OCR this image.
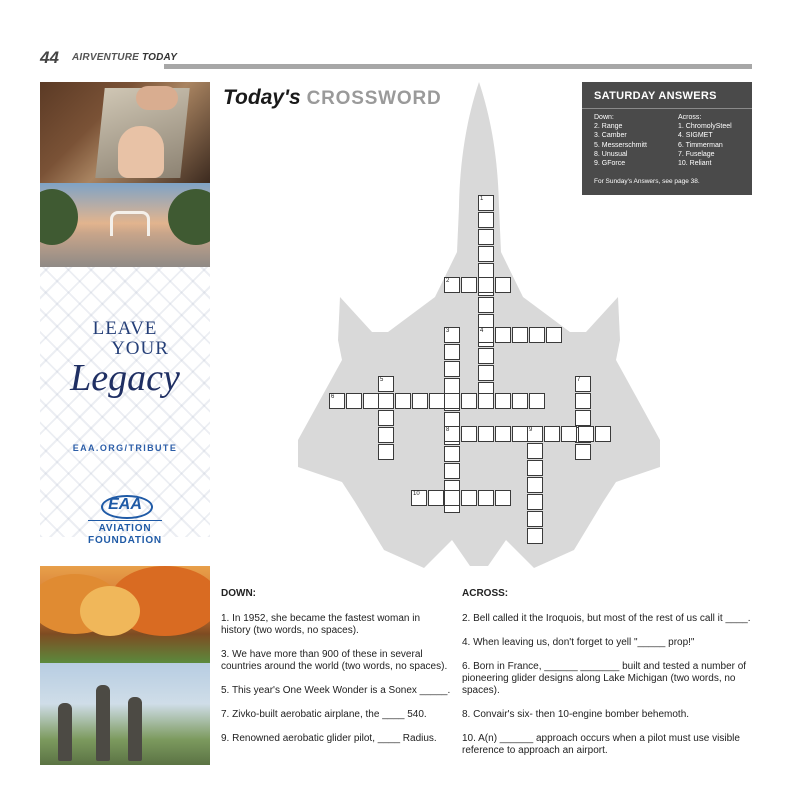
44 AIRVENTURE TODAY
LEAVE
YOUR
Legacy
EAA.ORG/TRIBUTE
EAA
AVIATION
FOUNDATION
Today's CROSSWORD
1
2
3	4
5	7
6
8	9
10
SATURDAY ANSWERS
Down:
2. Range
3. Camber
5. Messerschmitt
8. Unusual
9. GForce
Across:
1. ChromolySteel
4. SIGMET
6. Timmerman
7. Fuselage
10. Reliant
For Sunday's Answers, see page 38.
DOWN:

1. In 1952, she became the fastest woman in history (two words, no spaces).

3. We have more than 900 of these in several countries around the world (two words, no spaces).

5. This year's One Week Wonder is a Sonex _____.

7. Zivko-built aerobatic airplane, the ____ 540.

9. Renowned aerobatic glider pilot, ____ Radius.

ACROSS:

2. Bell called it the Iroquois, but most of the rest of us call it ____.

4. When leaving us, don't forget to yell "_____ prop!"

6. Born in France, ______ _______ built and tested a number of pioneering glider designs along Lake Michigan (two words, no spaces).

8. Convair's six- then 10-engine bomber behemoth.

10. A(n) ______ approach occurs when a pilot must use visible reference to approach an airport.
